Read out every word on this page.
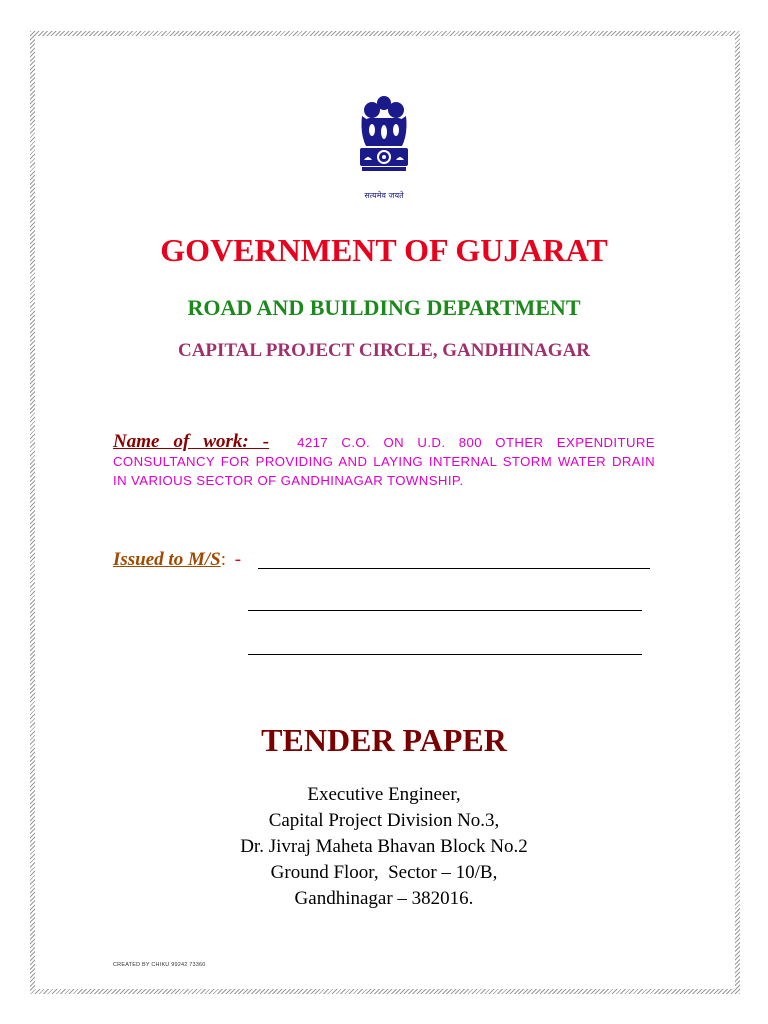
सत्यमेव जयते
GOVERNMENT OF GUJARAT
ROAD AND BUILDING DEPARTMENT
CAPITAL PROJECT CIRCLE, GANDHINAGAR
Name of work: - 4217 C.O. ON U.D. 800 OTHER EXPENDITURE CONSULTANCY FOR PROVIDING AND LAYING INTERNAL STORM WATER DRAIN IN VARIOUS SECTOR OF GANDHINAGAR TOWNSHIP.
Issued to M/S: -
TENDER PAPER
Executive Engineer,
Capital Project Division No.3,
Dr. Jivraj Maheta Bhavan Block No.2
Ground Floor,  Sector – 10/B,
Gandhinagar – 382016.
CREATED BY CHIKU 99242 73360
